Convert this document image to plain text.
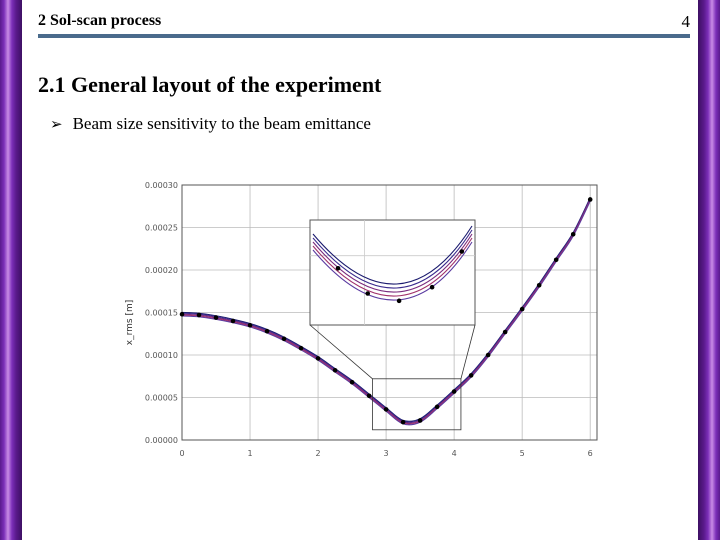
2 Sol-scan process	4
2.1 General layout of the experiment
➢ Beam size sensitivity to the beam emittance
0.00000
0.00005
0.00010
0.00015
0.00020
0.00025
0.00030
0	1	2	3	4	5	6
x_rms [m]
